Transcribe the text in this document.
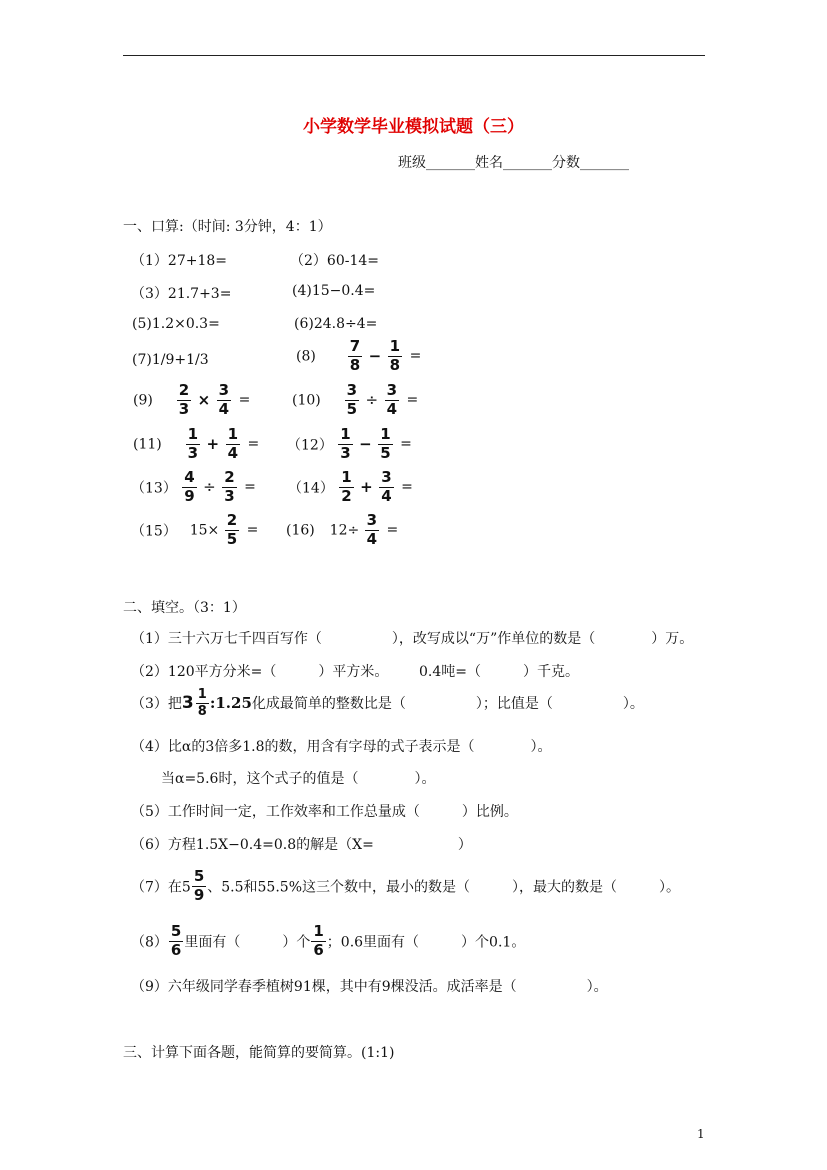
小学数学毕业模拟试题（三）
班级_______姓名_______分数_______
一、口算:（时间: 3分钟，4：1）
（1）27+18=	（2）60-14=
（3）21.7+3=	(4)15−0.4=
(5)1.2×0.3=	(6)24.8÷4=
(7)1/9+1/3	$(8) \frac{7}{8} - \frac{1}{8}$ =
$(9) \frac{2}{3} \times \frac{3}{4}$ =	$(10) \frac{3}{5} \div \frac{3}{4}$ =
$(11) \frac{1}{3} + \frac{1}{4} = (12) \frac{1}{3} - \frac{1}{5}$ =
$(13) \frac{4}{9} \div \frac{2}{3} = (14) \frac{1}{2} + \frac{3}{4}$ =
（15） $15\times \frac{2}{5} = (16)$ $12\div \frac{3}{4}$ =
二、填空。（3：1）
（1）三十六万七千四百写作（　　　　　），改写成以“万”作单位的数是（　　　　）万。
（2）120平方分米=（　　　）平方米。 0.4吨=（　　　）千克。
（3）把 3 1
8 :1.25化成最简单的整数比是（　　　　　）；比值是（　　　　　）。
（4）比α的3倍多1.8的数，用含有字母的式子表示是（　　　　）。
当α=5.6时，这个式子的值是（　　　　）。
（5）工作时间一定，工作效率和工作总量成（　　　）比例。
（6）方程1.5X−0.4=0.8的解是（X=　　　　　　）
（7）在$5 \frac{5}{9}$ 、5.5和55.5%这三个数中，最小的数是（　　　），最大的数是（　　　）。
$(8) \frac{5}{6}$ 里面有（　　　）个 $\frac{1}{6}$ ；0.6里面有（　　　）个0.1。
（9）六年级同学春季植树91棵，其中有9棵没活。成活率是（　　　　　）。
三、计算下面各题，能简算的要简算。(1:1)
1
